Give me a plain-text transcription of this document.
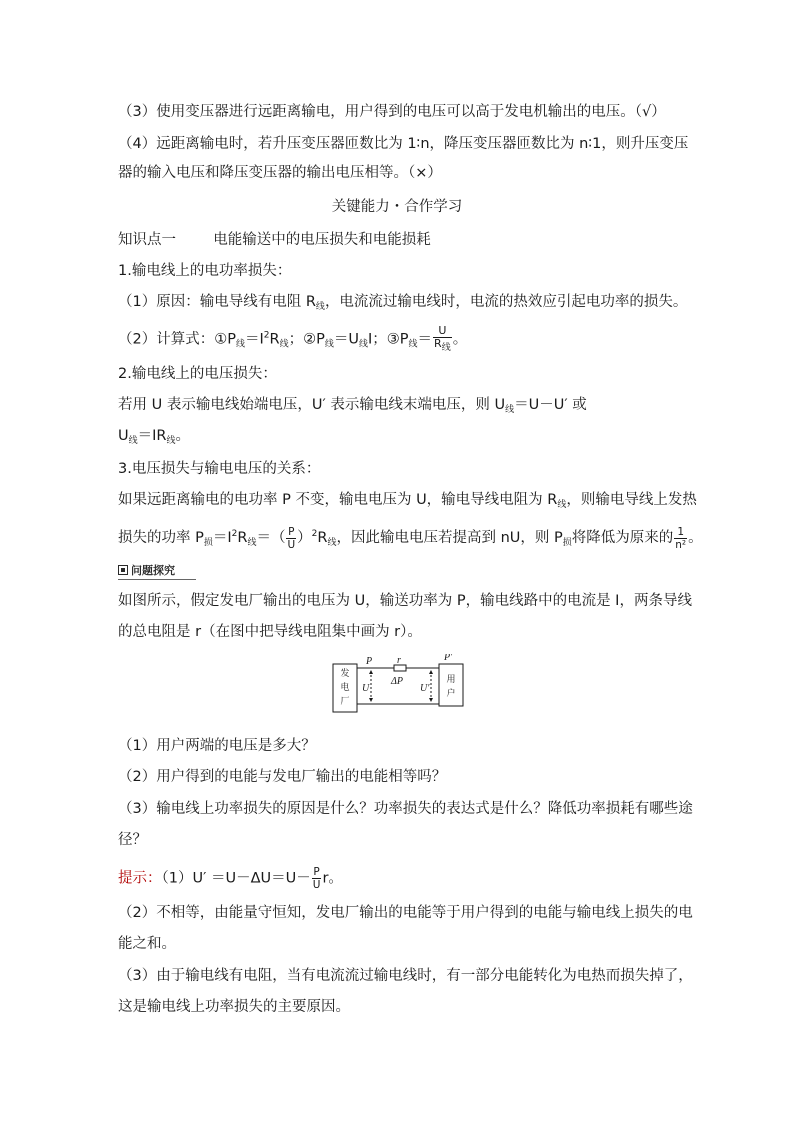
（3）使用变压器进行远距离输电，用户得到的电压可以高于发电机输出的电压。（√）
（4）远距离输电时，若升压变压器匝数比为 1∶n，降压变压器匝数比为 n∶1，则升压变压
器的输入电压和降压变压器的输出电压相等。（×）
关键能力・合作学习
知识点一	电能输送中的电压损失和电能损耗
1.输电线上的电功率损失：
（1）原因：输电导线有电阻 $R_线$，电流流过输电线时，电流的热效应引起电功率的损失。
（2）计算式：$①P_线=I^2R_线$；$②P_线=U_线I$；$③P_线= \frac{U}{R_线}$ 。
2.输电线上的电压损失：
若用 U 表示输电线始端电压，U′ 表示输电线末端电压，则 $U_线=U-U'$ 或
$U_线=IR_线$。
3.电压损失与输电电压的关系：
如果远距离输电的电功率 P 不变，输电电压为 U，输电导线电阻为 $R_线$，则输电导线上发热
损失的功率 $P_损=I^2R_线=( \frac{P}{U} )^2R_线$，因此输电电压若提高到 nU，则 $P_损$将降低为原来的 $\frac{1}{\text{n²}}$ 。
问题探究
如图所示，假定发电厂输出的电压为 U，输送功率为 P，输电线路中的电流是 I，两条导线
的总电阻是 r（在图中把导线电阻集中画为 r）。
发
电
厂
用
户
P r
ΔP
U	U′
P′
（1）用户两端的电压是多大？
（2）用户得到的电能与发电厂输出的电能相等吗？
（3）输电线上功率损失的原因是什么？功率损失的表达式是什么？降低功率损耗有哪些途
径？
提示：$(1)U' =U-\Delta U=U- \frac{P}{U}$ r。
（2）不相等，由能量守恒知，发电厂输出的电能等于用户得到的电能与输电线上损失的电
能之和。
（3）由于输电线有电阻，当有电流流过输电线时，有一部分电能转化为电热而损失掉了，
这是输电线上功率损失的主要原因。
